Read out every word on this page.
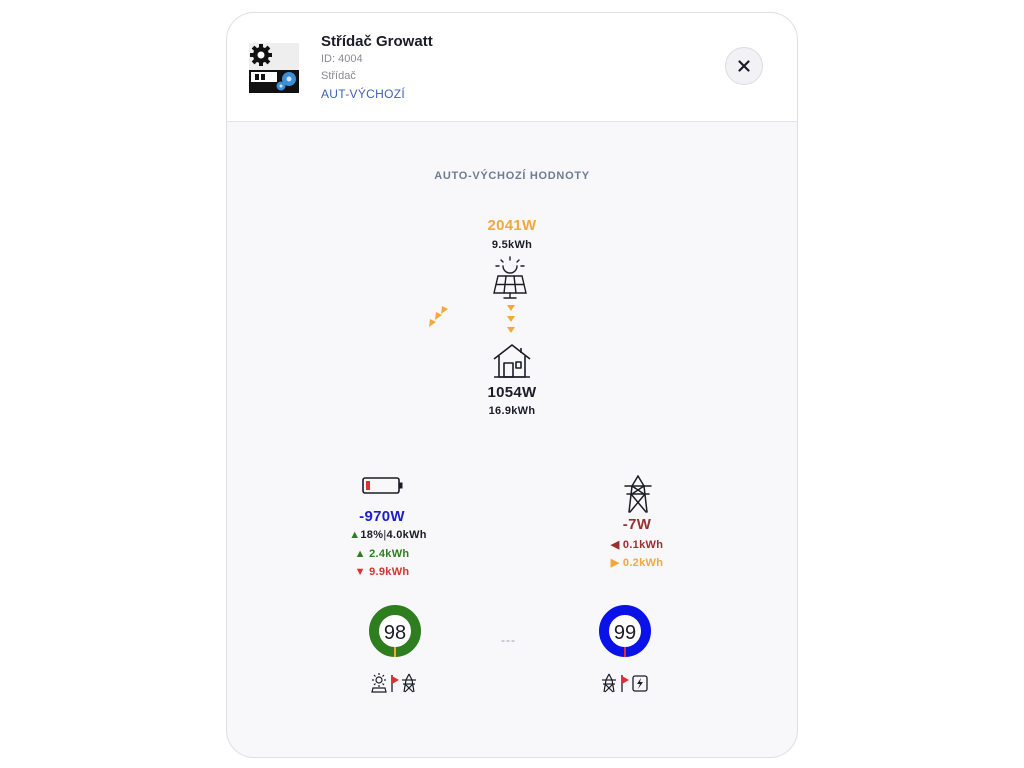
Střídač Growatt
ID: 4004
Střídač
AUT-VÝCHOZÍ
AUTO-VÝCHOZÍ HODNOTY
2041W
9.5kWh
1054W
16.9kWh
-970W
▲18%|4.0kWh
▲ 2.4kWh
▼ 9.9kWh
-7W
◀ 0.1kWh
▶ 0.2kWh
98	---	99
